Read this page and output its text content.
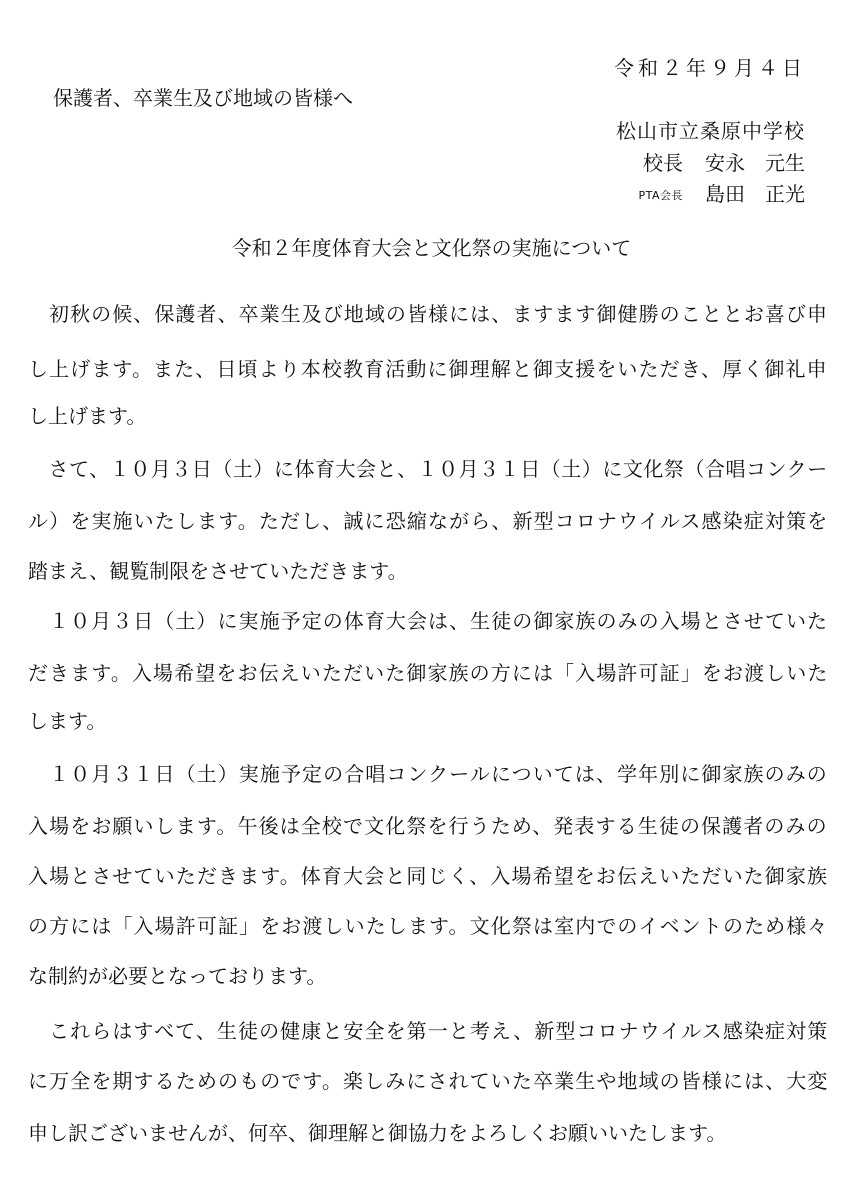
令和２年９月４日
保護者、卒業生及び地域の皆様へ
松山市立桑原中学校
校長 安永　元生
PTA会長 島田　正光
令和２年度体育大会と文化祭の実施について
　初秋の候、保護者、卒業生及び地域の皆様には、ますます御健勝のこととお喜び申
し上げます。また、日頃より本校教育活動に御理解と御支援をいただき、厚く御礼申
し上げます。
　さて、１０月３日（土）に体育大会と、１０月３１日（土）に文化祭（合唱コンクー
ル）を実施いたします。ただし、誠に恐縮ながら、新型コロナウイルス感染症対策を
踏まえ、観覧制限をさせていただきます。
　１０月３日（土）に実施予定の体育大会は、生徒の御家族のみの入場とさせていた
だきます。入場希望をお伝えいただいた御家族の方には「入場許可証」をお渡しいた
します。
　１０月３１日（土）実施予定の合唱コンクールについては、学年別に御家族のみの
入場をお願いします。午後は全校で文化祭を行うため、発表する生徒の保護者のみの
入場とさせていただきます。体育大会と同じく、入場希望をお伝えいただいた御家族
の方には「入場許可証」をお渡しいたします。文化祭は室内でのイベントのため様々
な制約が必要となっております。
　これらはすべて、生徒の健康と安全を第一と考え、新型コロナウイルス感染症対策
に万全を期するためのものです。楽しみにされていた卒業生や地域の皆様には、大変
申し訳ございませんが、何卒、御理解と御協力をよろしくお願いいたします。
